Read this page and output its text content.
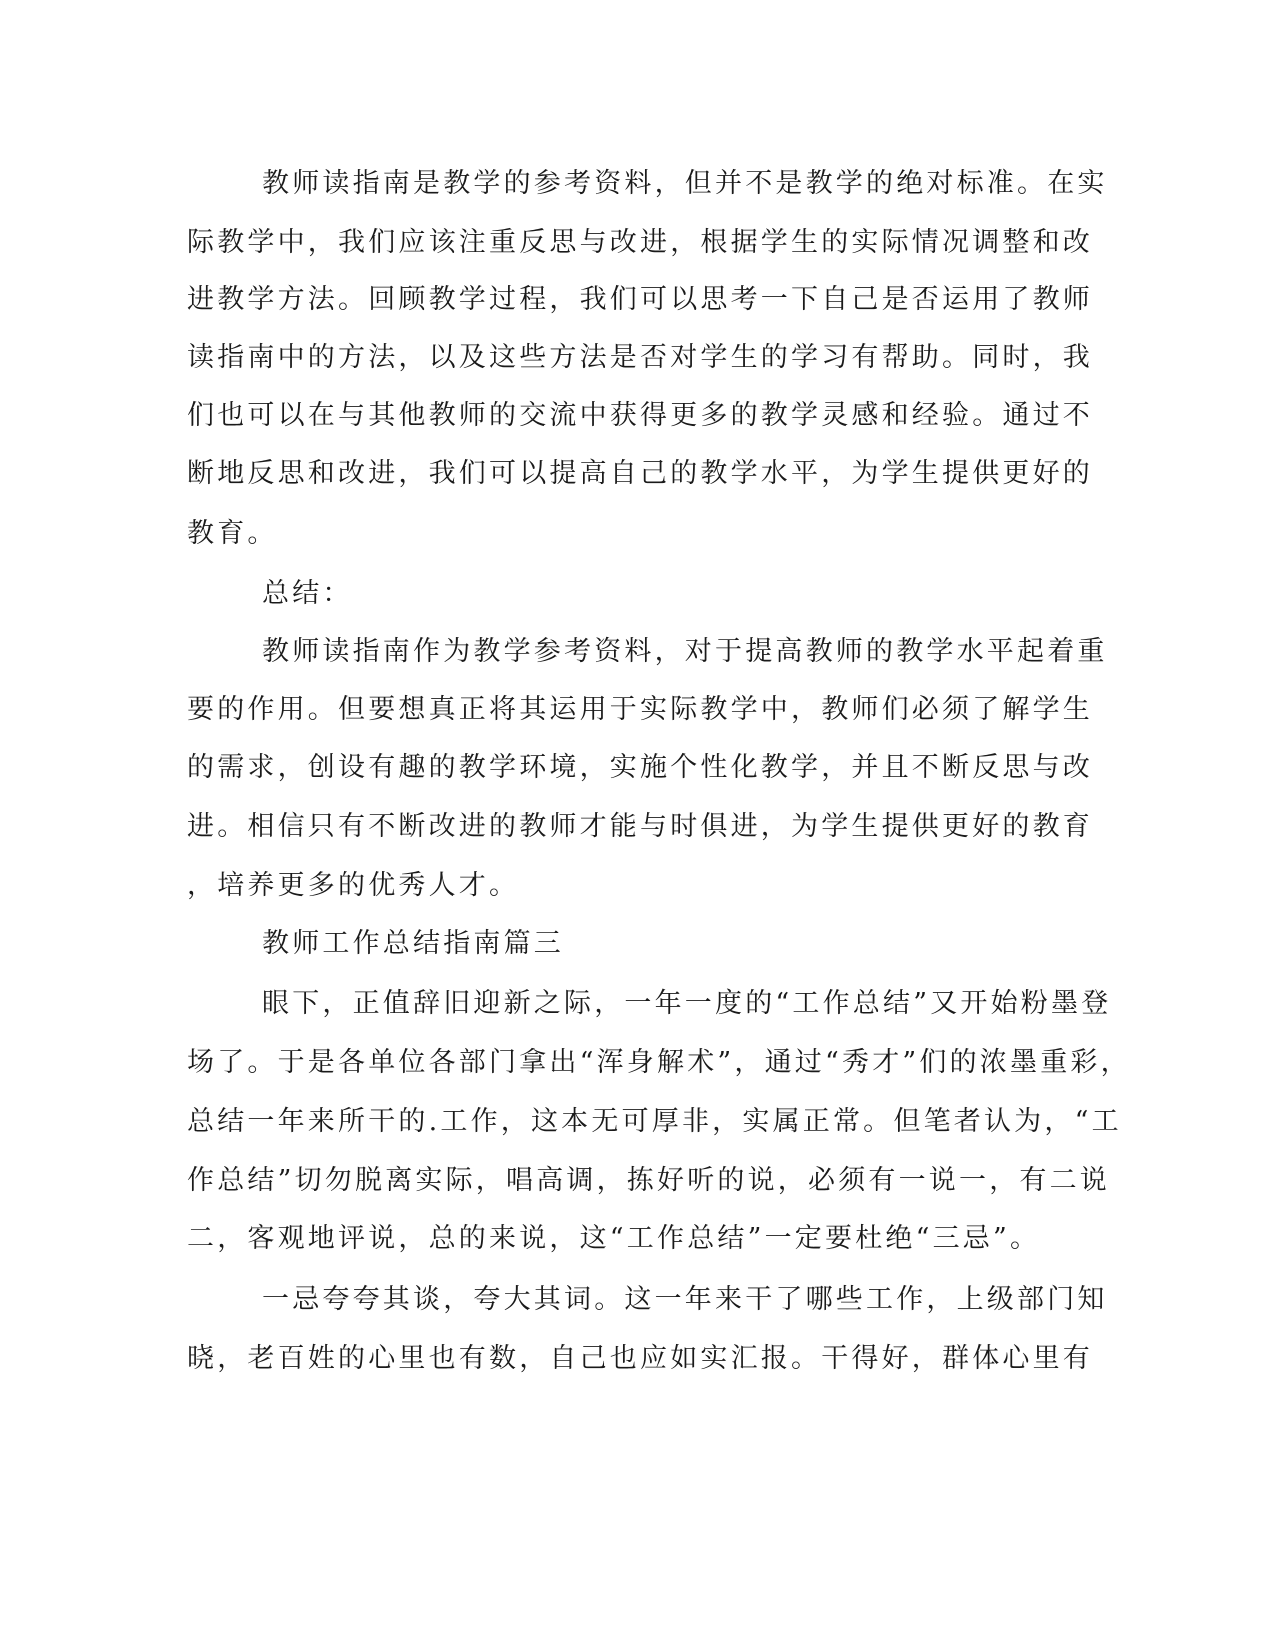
教师读指南是教学的参考资料，但并不是教学的绝对标准。在实
际教学中，我们应该注重反思与改进，根据学生的实际情况调整和改
进教学方法。回顾教学过程，我们可以思考一下自己是否运用了教师
读指南中的方法，以及这些方法是否对学生的学习有帮助。同时，我
们也可以在与其他教师的交流中获得更多的教学灵感和经验。通过不
断地反思和改进，我们可以提高自己的教学水平，为学生提供更好的
教育。
总结：
教师读指南作为教学参考资料，对于提高教师的教学水平起着重
要的作用。但要想真正将其运用于实际教学中，教师们必须了解学生
的需求，创设有趣的教学环境，实施个性化教学，并且不断反思与改
进。相信只有不断改进的教师才能与时俱进，为学生提供更好的教育
，培养更多的优秀人才。
教师工作总结指南篇三
眼下，正值辞旧迎新之际，一年一度的“工作总结”又开始粉墨登
场了。于是各单位各部门拿出“浑身解术”，通过“秀才”们的浓墨重彩，
总结一年来所干的.工作，这本无可厚非，实属正常。但笔者认为，“工
作总结”切勿脱离实际，唱高调，拣好听的说，必须有一说一，有二说
二，客观地评说，总的来说，这“工作总结”一定要杜绝“三忌”。
一忌夸夸其谈，夸大其词。这一年来干了哪些工作，上级部门知
晓，老百姓的心里也有数，自己也应如实汇报。干得好，群体心里有
